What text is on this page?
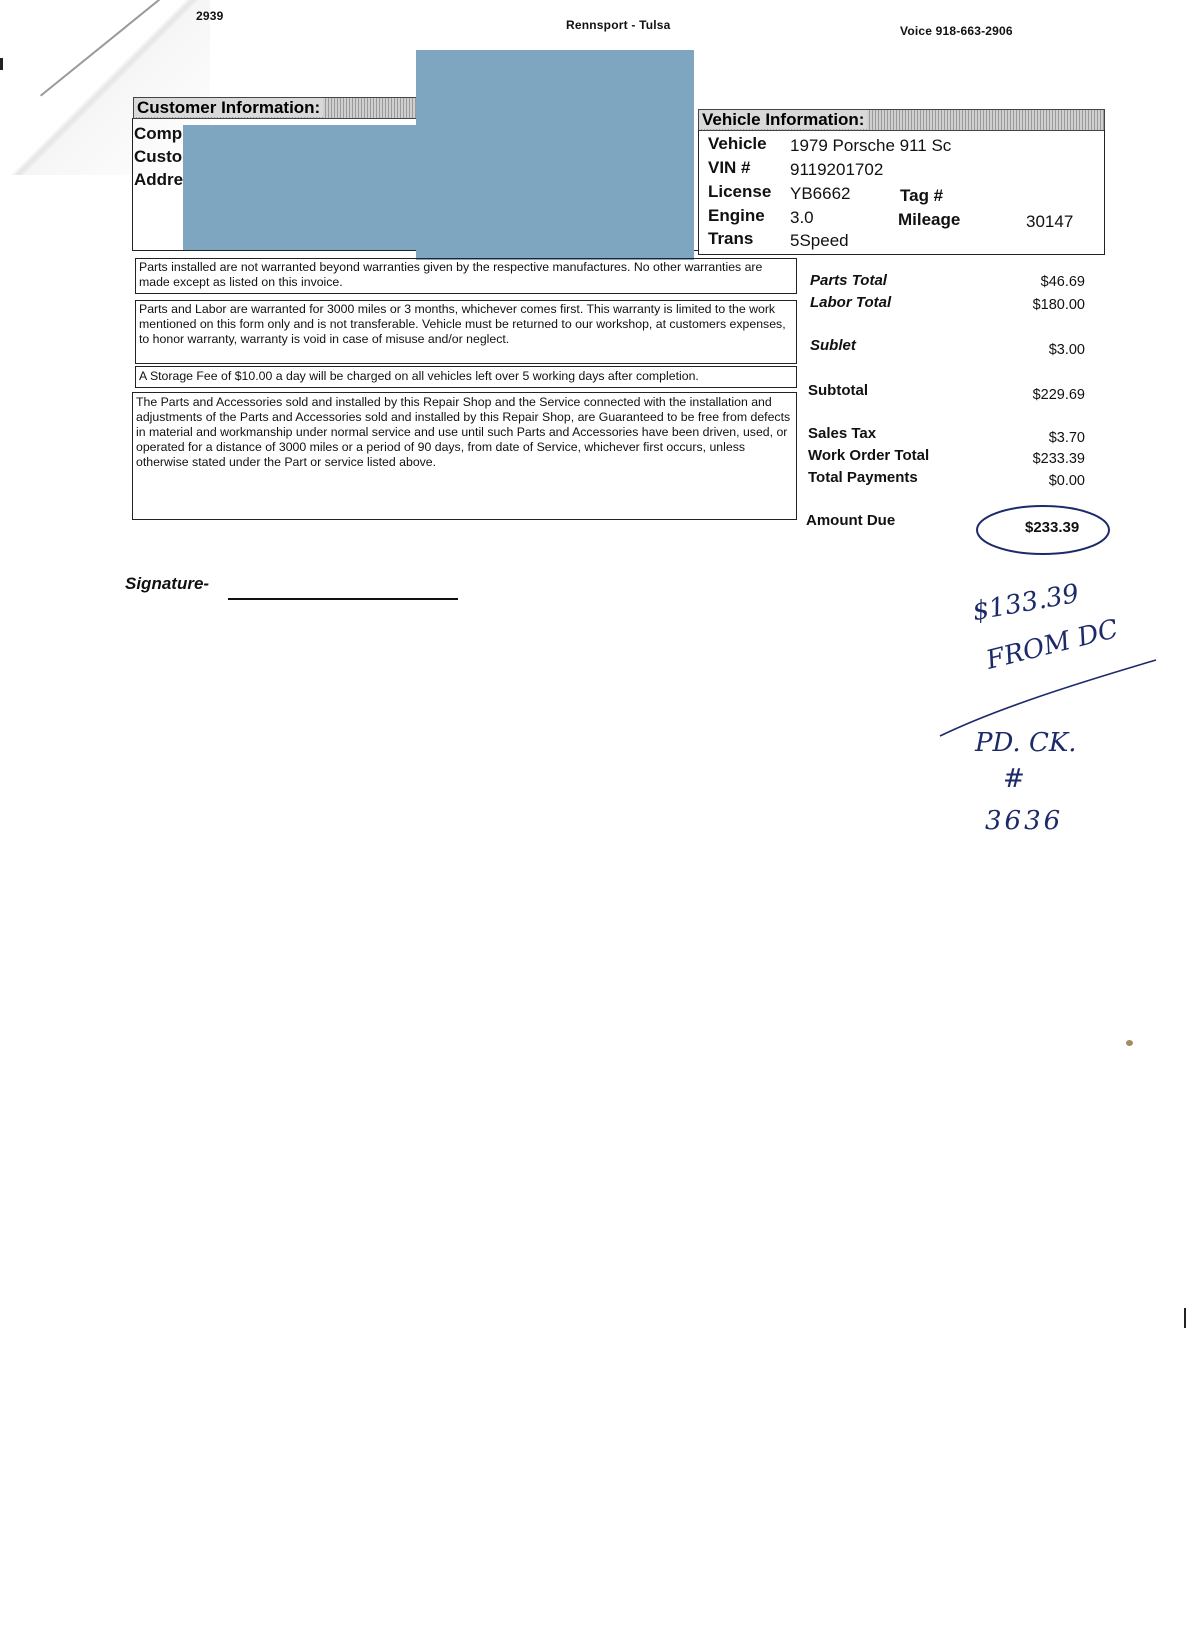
2939
Rennsport - Tulsa	Voice 918-663-2906
Customer Information:
Comp
Custo
Addre
Vehicle Information:
Vehicle 1979 Porsche 911 Sc
VIN # 9119201702
License YB6662	Tag #
Engine 3.0	Mileage	30147
Trans 5Speed
Parts installed are not warranted beyond warranties given by the respective manufactures. No other warranties are made except as listed on this invoice.
Parts and Labor are warranted for 3000 miles or 3 months, whichever comes first. This warranty is limited to the work mentioned on this form only and is not transferable. Vehicle must be returned to our workshop, at customers expenses, to honor warranty, warranty is void in case of misuse and/or neglect.
A Storage Fee of $10.00 a day will be charged on all vehicles left over 5 working days after completion.
The Parts and Accessories sold and installed by this Repair Shop and the Service connected with the installation and adjustments of the Parts and Accessories sold and installed by this Repair Shop, are Guaranteed to be free from defects in material and workmanship under normal service and use until such Parts and Accessories have been driven, used, or operated for a distance of 3000 miles or a period of 90 days, from date of Service, whichever first occurs, unless otherwise stated under the Part or service listed above.
Parts Total	$46.69
Labor Total	$180.00
Sublet	$3.00
Subtotal	$229.69
Sales Tax	$3.70
Work Order Total	$233.39
Total Payments	$0.00
Amount Due	$233.39
Signature-	$133.39
FROM DC
PD. CK.
#
3636
